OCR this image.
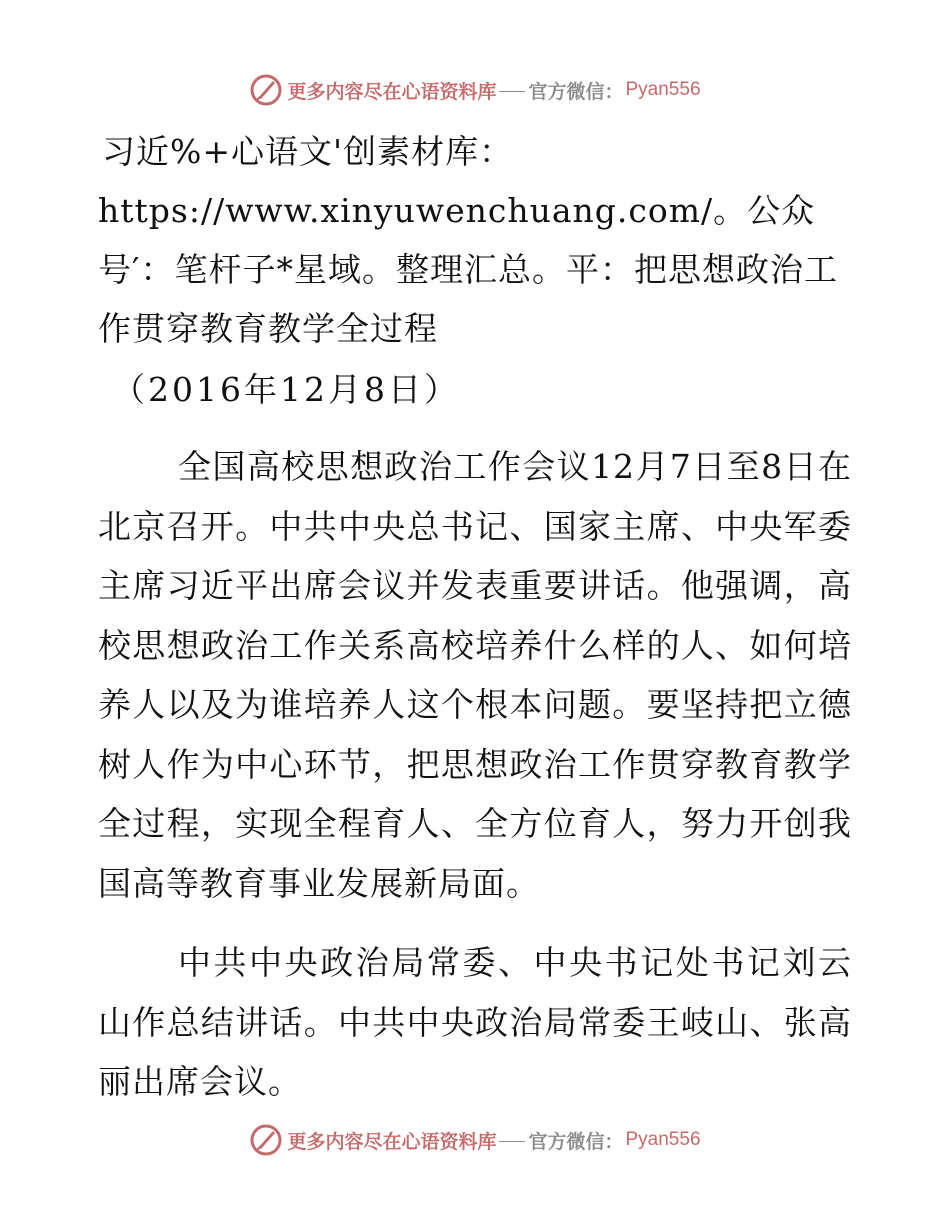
更多内容尽在心语资料库 官方微信： Pyan556

习近%+心语文'创素材库：https://www.xinyuwenchuang.com/。公众号′：笔杆子*星域。整理汇总。平：把思想政治工作贯穿教育教学全过程

（2016年12月8日）

全国高校思想政治工作会议12月7日至8日在北京召开。中共中央总书记、国家主席、中央军委主席习近平出席会议并发表重要讲话。他强调，高校思想政治工作关系高校培养什么样的人、如何培养人以及为谁培养人这个根本问题。要坚持把立德树人作为中心环节，把思想政治工作贯穿教育教学全过程，实现全程育人、全方位育人，努力开创我国高等教育事业发展新局面。

中共中央政治局常委、中央书记处书记刘云山作总结讲话。中共中央政治局常委王岐山、张高丽出席会议。

更多内容尽在心语资料库 官方微信： Pyan556
